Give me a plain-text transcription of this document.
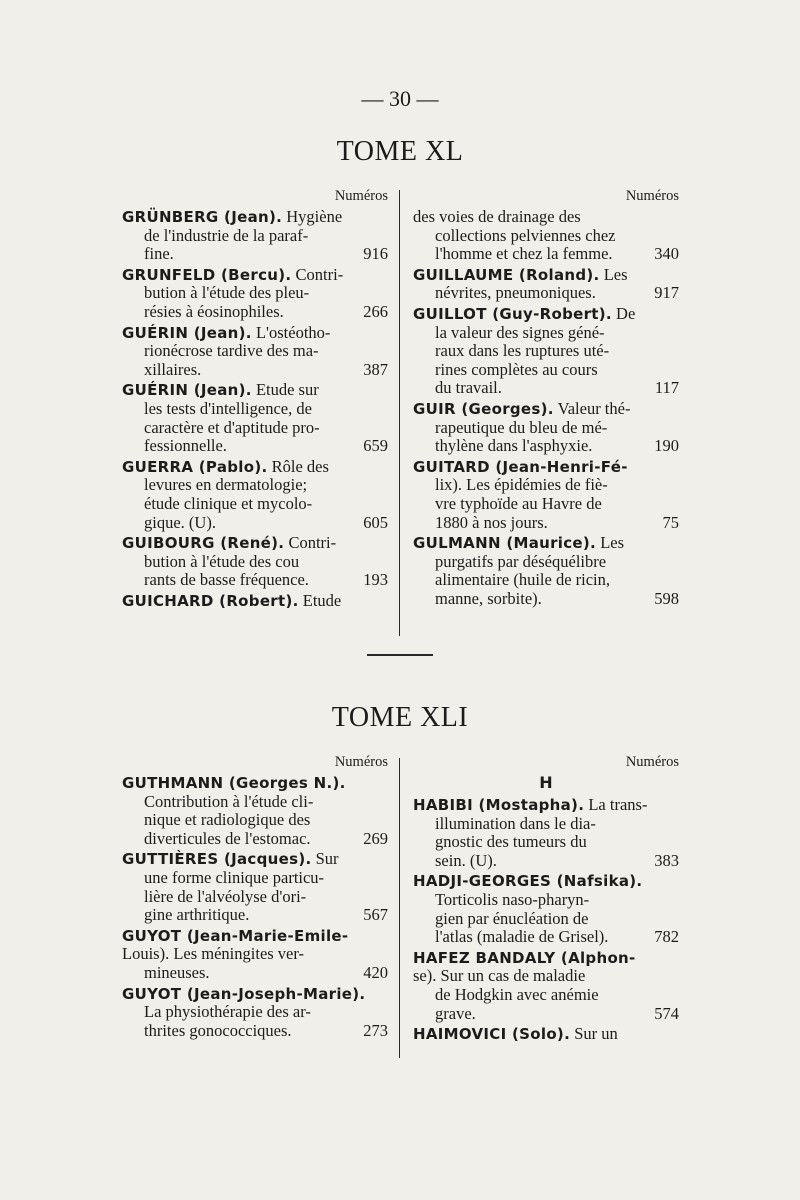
— 30 —
TOME XL
Numéros
GRÜNBERG (Jean). Hygiène
de l'industrie de la paraf-
fine.	916
GRUNFELD (Bercu). Contri-
bution à l'étude des pleu-
résies à éosinophiles.	266
GUÉRIN (Jean). L'ostéotho-
rionécrose tardive des ma-
xillaires.	387
GUÉRIN (Jean). Etude sur
les tests d'intelligence, de
caractère et d'aptitude pro-
fessionnelle.	659
GUERRA (Pablo). Rôle des
levures en dermatologie;
étude clinique et mycolo-
gique. (U).	605
GUIBOURG (René). Contri-
bution à l'étude des cou
rants de basse fréquence.	193
GUICHARD (Robert). Etude
Numéros
des voies de drainage des
collections pelviennes chez
l'homme et chez la femme.	340
GUILLAUME (Roland). Les
névrites, pneumoniques.	917
GUILLOT (Guy-Robert). De
la valeur des signes géné-
raux dans les ruptures uté-
rines complètes au cours
du travail.	117
GUIR (Georges). Valeur thé-
rapeutique du bleu de mé-
thylène dans l'asphyxie.	190
GUITARD (Jean-Henri-Fé-
lix). Les épidémies de fiè-
vre typhoïde au Havre de
1880 à nos jours.	75
GULMANN (Maurice). Les
purgatifs par déséquélibre
alimentaire (huile de ricin,
manne, sorbite).	598
TOME XLI
Numéros
GUTHMANN (Georges N.).
Contribution à l'étude cli-
nique et radiologique des
diverticules de l'estomac.	269
GUTTIÈRES (Jacques). Sur
une forme clinique particu-
lière de l'alvéolyse d'ori-
gine arthritique.	567
GUYOT (Jean-Marie-Emile-
Louis). Les méningites ver-
mineuses.	420
GUYOT (Jean-Joseph-Marie).
La physiothérapie des ar-
thrites gonococciques.	273
Numéros
H
HABIBI (Mostapha). La trans-
illumination dans le dia-
gnostic des tumeurs du
sein. (U).	383
HADJI-GEORGES (Nafsika).
Torticolis naso-pharyn-
gien par énucléation de
l'atlas (maladie de Grisel).	782
HAFEZ BANDALY (Alphon-
se). Sur un cas de maladie
de Hodgkin avec anémie
grave.	574
HAIMOVICI (Solo). Sur un
